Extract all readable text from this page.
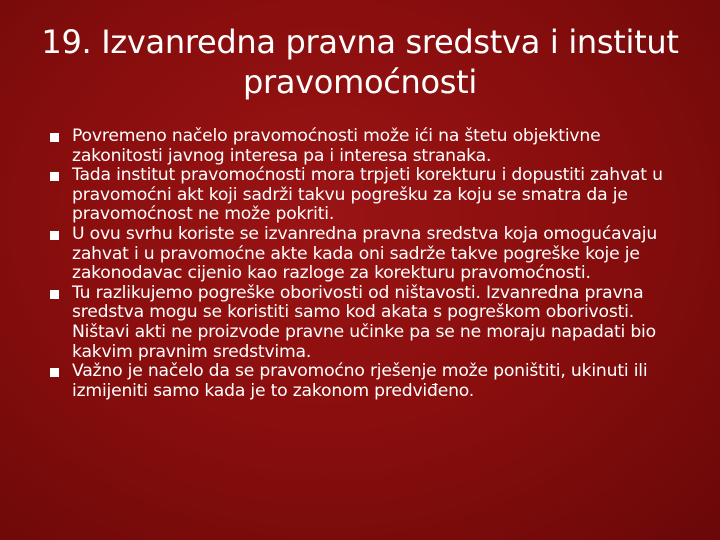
19. Izvanredna pravna sredstva i institut pravomoćnosti
Povremeno načelo pravomoćnosti može ići na štetu objektivne zakonitosti javnog interesa pa i interesa stranaka.
Tada institut pravomoćnosti mora trpjeti korekturu i dopustiti zahvat u pravomoćni akt koji sadrži takvu pogrešku za koju se smatra da je pravomoćnost ne može pokriti.
U ovu svrhu koriste se izvanredna pravna sredstva koja omogućavaju zahvat i u pravomoćne akte kada oni sadrže takve pogreške koje je zakonodavac cijenio kao razloge za korekturu pravomoćnosti.
Tu razlikujemo pogreške oborivosti od ništavosti. Izvanredna pravna sredstva mogu se koristiti samo kod akata s pogreškom oborivosti. Ništavi akti ne proizvode pravne učinke pa se ne moraju napadati bio kakvim pravnim sredstvima.
Važno je načelo da se pravomoćno rješenje može poništiti, ukinuti ili izmijeniti samo kada je to zakonom predviđeno.
